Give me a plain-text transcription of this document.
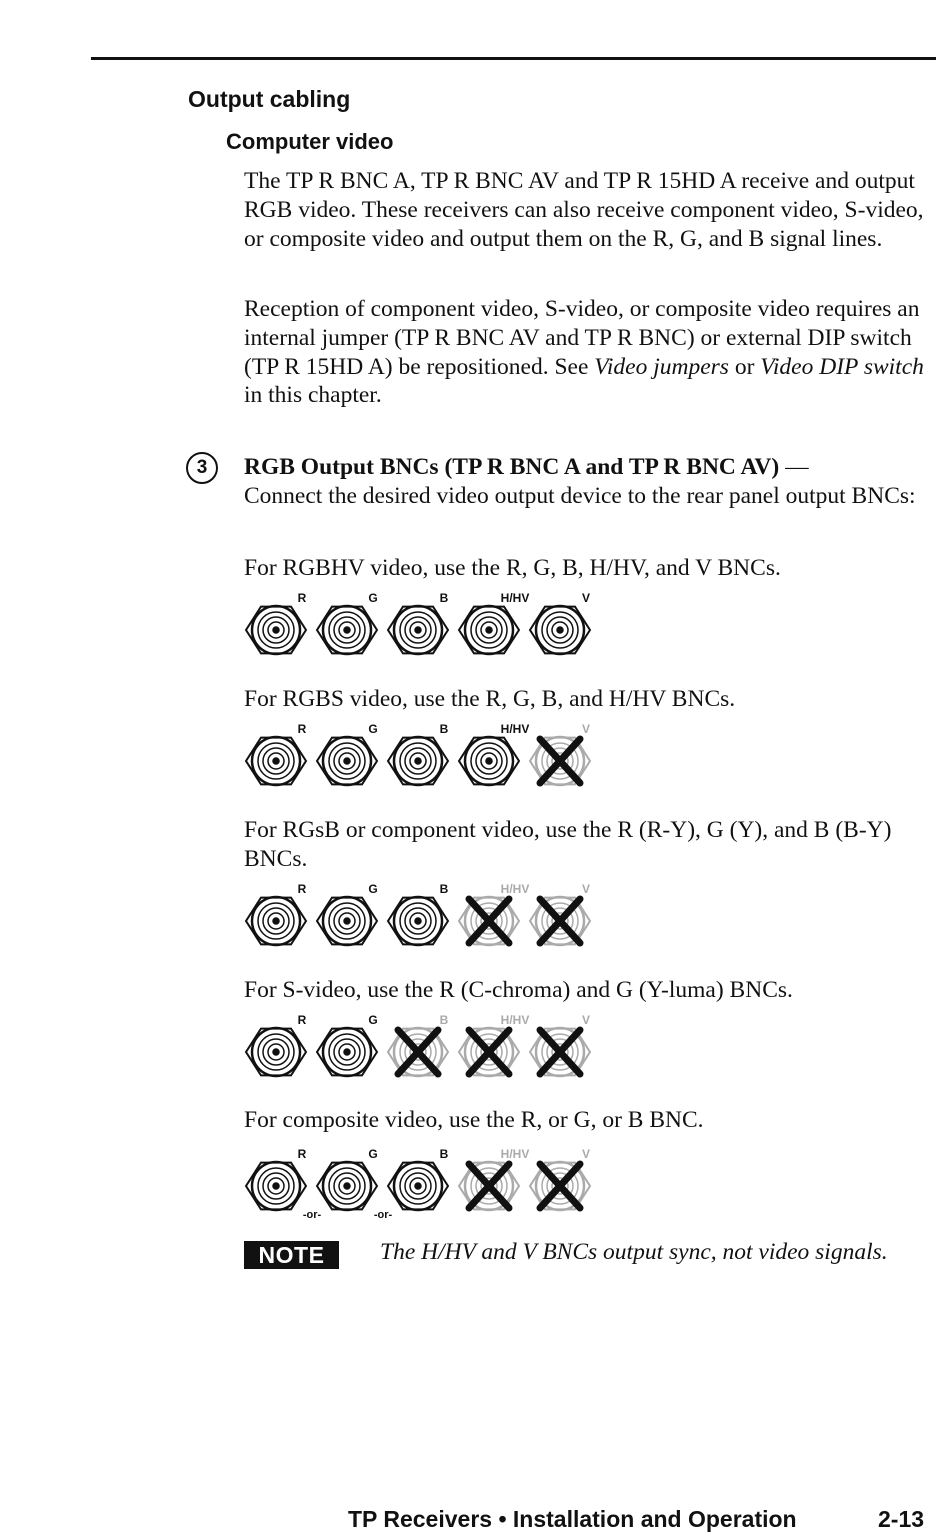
Output cabling
Computer video

The TP R BNC A, TP R BNC AV and TP R 15HD A receive and output RGB video. These receivers can also receive component video, S-video, or composite video and output them on the R, G, and B signal lines.

Reception of component video, S-video, or composite video requires an internal jumper (TP R BNC AV and TP R BNC) or external DIP switch (TP R 15HD A) be repositioned. See Video jumpers or Video DIP switch in this chapter.

3	RGB Output BNCs (TP R BNC A and TP R BNC AV) —
Connect the desired video output device to the rear panel output BNCs:

For RGBHV video, use the R, G, B, H/HV, and V BNCs.

R	G	B	H/HV	V

For RGBS video, use the R, G, B, and H/HV BNCs.

R	G	B	H/HV	V

For RGsB or component video, use the R (R-Y), G (Y), and B (B-Y) BNCs.

R	G	B	H/HV	V

For S-video, use the R (C-chroma) and G (Y-luma) BNCs.

R	G	B	H/HV	V

For composite video, use the R, or G, or B BNC.

R
-or-
G
-or-
B	H/HV	V
NOTE	The H/HV and V BNCs output sync, not video signals.
TP Receivers • Installation and Operation	2-13
